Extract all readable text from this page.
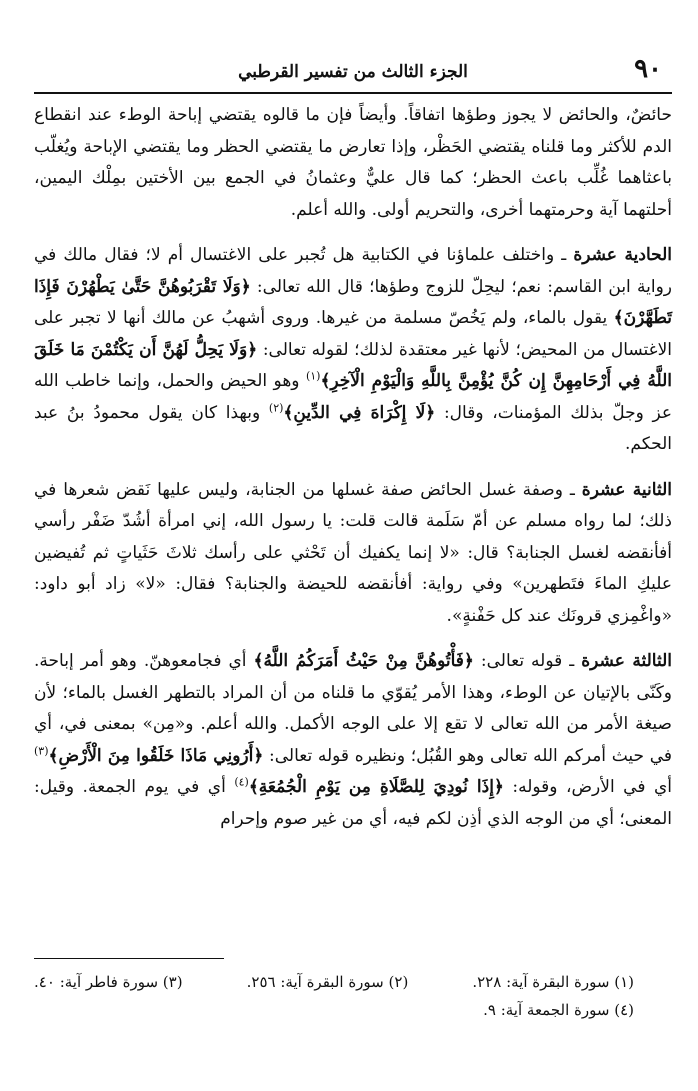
٩٠
الجزء الثالث من تفسير القرطبي

حائضٌ، والحائض لا يجوز وطؤها اتفاقاً. وأيضاً فإن ما قالوه يقتضي إباحة الوطء عند انقطاع الدم للأكثر وما قلناه يقتضي الحَظْر، وإذا تعارض ما يقتضي الحظر وما يقتضي الإباحة ويُغلّب باعثاهما غُلِّب باعث الحظر؛ كما قال عليٌّ وعثمانُ في الجمع بين الأختين بمِلْك اليمين، أحلتهما آية وحرمتهما أخرى، والتحريم أولى. والله أعلم.

الحادية عشرة ـ واختلف علماؤنا في الكتابية هل تُجبر على الاغتسال أم لا؛ فقال مالك في رواية ابن القاسم: نعم؛ ليحِلّ للزوج وطؤها؛ قال الله تعالى: ﴿وَلَا تَقْرَبُوهُنَّ حَتَّىٰ يَطْهُرْنَ فَإِذَا تَطَهَّرْنَ﴾ يقول بالماء، ولم يَخُصّ مسلمة من غيرها. وروى أشهبُ عن مالك أنها لا تجبر على الاغتسال من المحيض؛ لأنها غير معتقدة لذلك؛ لقوله تعالى: ﴿وَلَا يَحِلُّ لَهُنَّ أَن يَكْتُمْنَ مَا خَلَقَ اللَّهُ فِي أَرْحَامِهِنَّ إِن كُنَّ يُؤْمِنَّ بِاللَّهِ وَالْيَوْمِ الْآخِرِ﴾$^{(١)}$ وهو الحيض والحمل، وإنما خاطب الله عز وجلّ بذلك المؤمنات، وقال: ﴿لَا إِكْرَاهَ فِي الدِّينِ﴾$^{(٢)}$ وبهذا كان يقول محمودُ بنُ عبد الحكم.

الثانية عشرة ـ وصفة غسل الحائض صفة غسلها من الجنابة، وليس عليها نَقض شعرها في ذلك؛ لما رواه مسلم عن أمّ سَلَمة قالت قلت: يا رسول الله، إني امرأة أشُدّ ضَفْر رأسي أفأنقضه لغسل الجنابة؟ قال: «لا إنما يكفيك أن تَحْثي على رأسك ثلاثَ حَثَياتٍ ثم تُفيضين عليكِ الماءَ فتَطهرين» وفي رواية: أفأنقضه للحيضة والجنابة؟ فقال: «لا» زاد أبو داود: «واغْمِزي قرونَك عند كل حَفْنةٍ».

الثالثة عشرة ـ قوله تعالى: ﴿فَأْتُوهُنَّ مِنْ حَيْثُ أَمَرَكُمُ اللَّهُ﴾ أي فجامعوهنّ. وهو أمر إباحة. وكَنّى بالإتيان عن الوطء، وهذا الأمر يُقوّي ما قلناه من أن المراد بالتطهر الغسل بالماء؛ لأن صيغة الأمر من الله تعالى لا تقع إلا على الوجه الأكمل. والله أعلم. و«مِن» بمعنى في، أي في حيث أمركم الله تعالى وهو القُبُل؛ ونظيره قوله تعالى: ﴿أَرُونِي مَاذَا خَلَقُوا مِنَ الْأَرْضِ﴾$^{(٣)}$ أي في الأرض، وقوله: ﴿إِذَا نُودِيَ لِلصَّلَاةِ مِن يَوْمِ الْجُمُعَةِ﴾$^{(٤)}$ أي في يوم الجمعة. وقيل: المعنى؛ أي من الوجه الذي أذِن لكم فيه، أي من غير صوم وإحرام

(١) سورة البقرة آية: ٢٢٨.
(٢) سورة البقرة آية: ٢٥٦.
(٣) سورة فاطر آية: ٤٠.
(٤) سورة الجمعة آية: ٩.
